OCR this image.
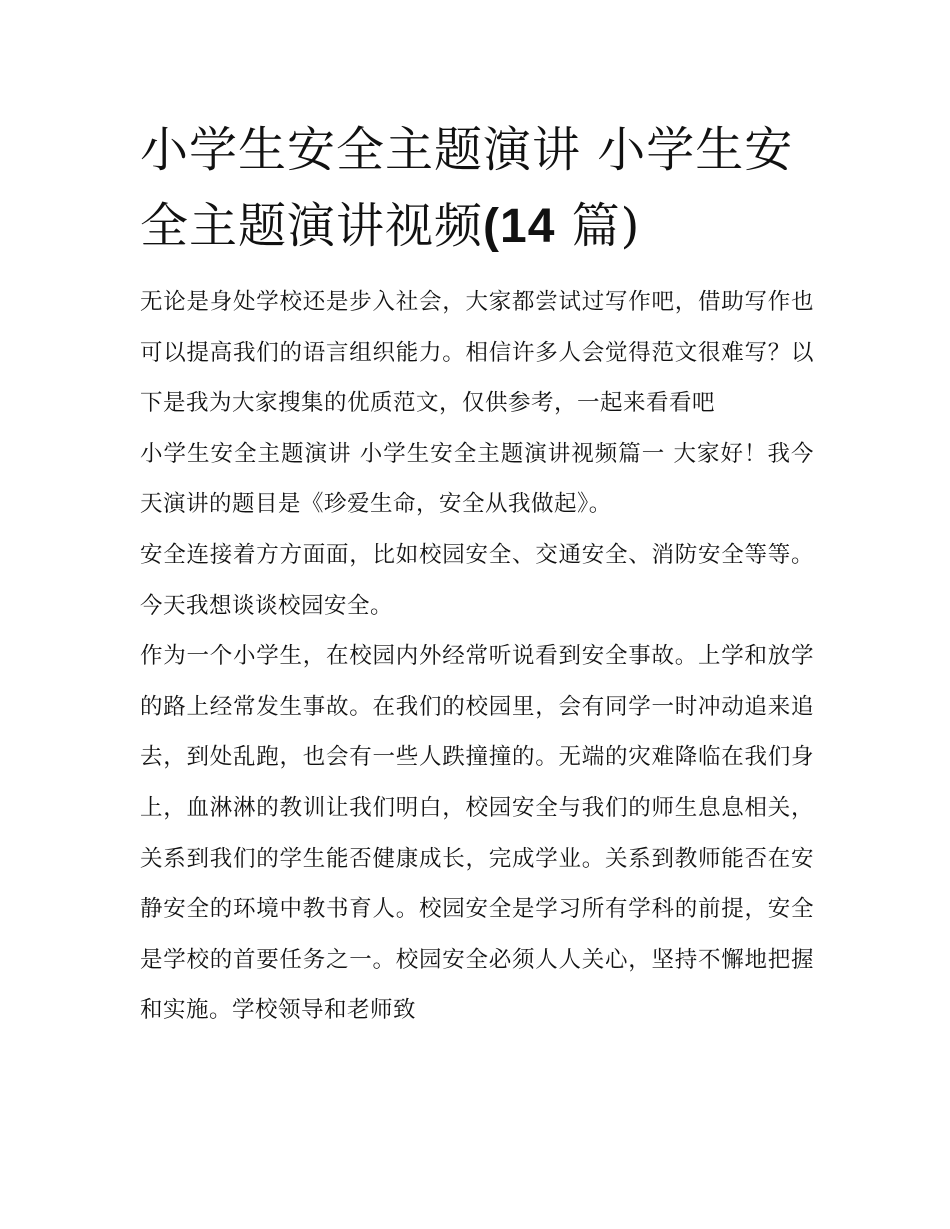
小学生安全主题演讲 小学生安全主题演讲视频(14 篇)

无论是身处学校还是步入社会，大家都尝试过写作吧，借助写作也可以提高我们的语言组织能力。相信许多人会觉得范文很难写？以下是我为大家搜集的优质范文，仅供参考，一起来看看吧

小学生安全主题演讲 小学生安全主题演讲视频篇一 大家好！我今天演讲的题目是《珍爱生命，安全从我做起》。

安全连接着方方面面，比如校园安全、交通安全、消防安全等等。 今天我想谈谈校园安全。

作为一个小学生，在校园内外经常听说看到安全事故。上学和放学的路上经常发生事故。在我们的校园里，会有同学一时冲动追来追去，到处乱跑，也会有一些人跌撞撞的。无端的灾难降临在我们身上，血淋淋的教训让我们明白，校园安全与我们的师生息息相关，关系到我们的学生能否健康成长，完成学业。关系到教师能否在安静安全的环境中教书育人。校园安全是学习所有学科的前提，安全是学校的首要任务之一。校园安全必须人人关心，坚持不懈地把握和实施。学校领导和老师致
